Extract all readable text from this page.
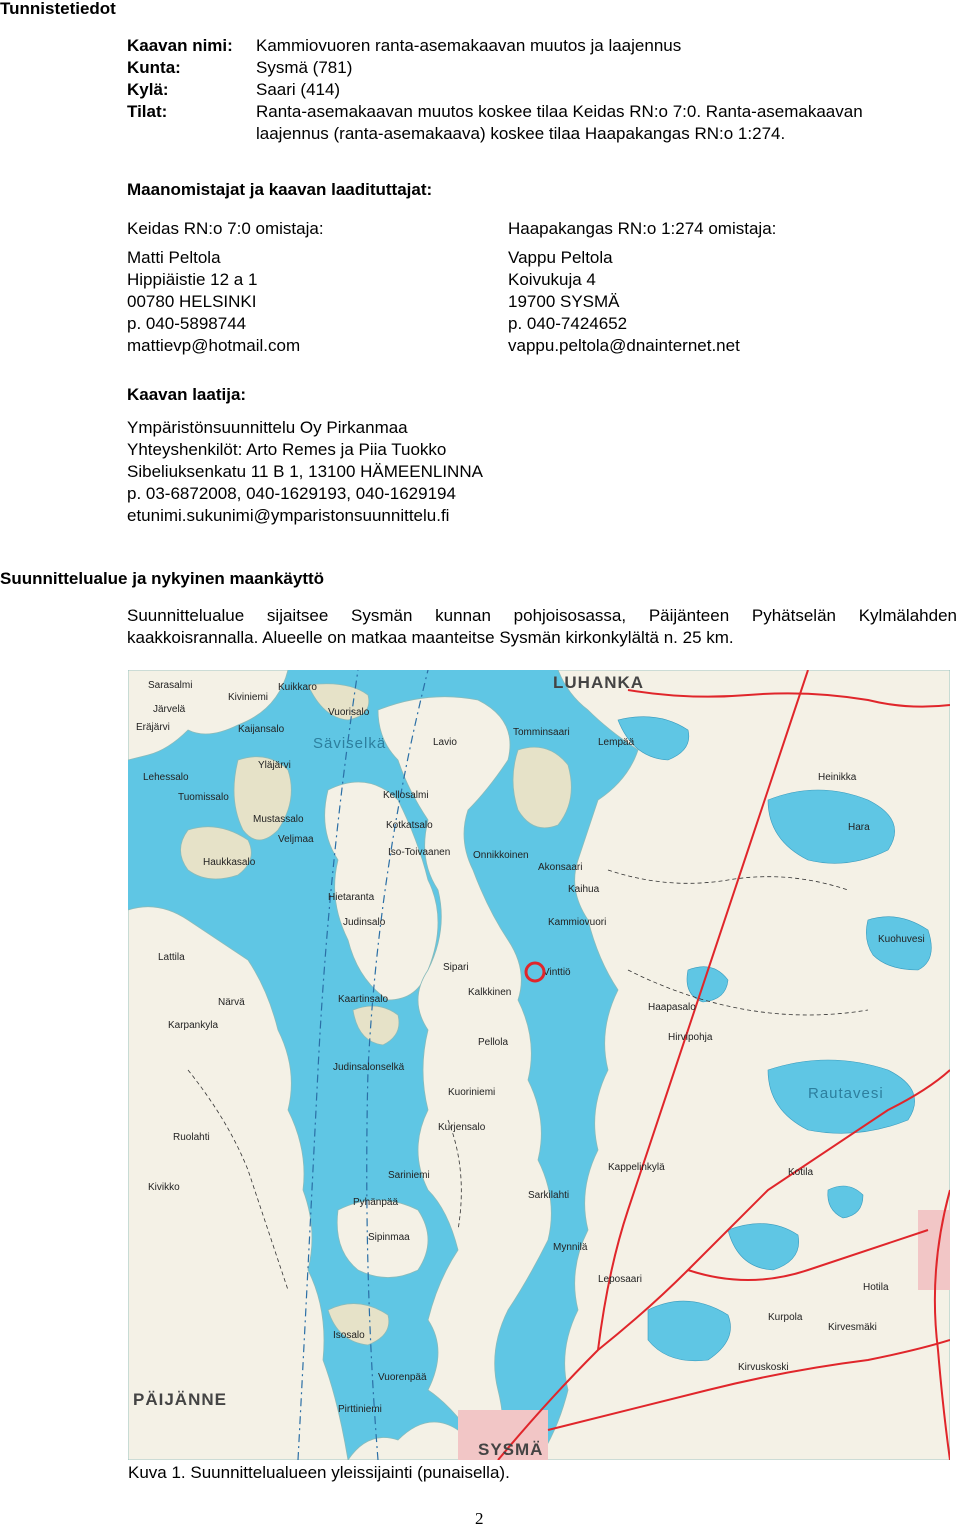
Tunnistetiedot
Kaavan nimi:	Kammiovuoren ranta-asemakaavan muutos ja laajennus
Kunta:	Sysmä (781)
Kylä:	Saari (414)
Tilat:	Ranta-asemakaavan muutos koskee tilaa Keidas RN:o 7:0. Ranta-asemakaavan
laajennus (ranta-asemakaava) koskee tilaa Haapakangas RN:o 1:274.
Maanomistajat ja kaavan laadituttajat:
Keidas RN:o 7:0 omistaja:
Matti Peltola
Hippiäistie 12 a 1
00780 HELSINKI
p. 040-5898744
mattievp@hotmail.com
Haapakangas RN:o 1:274 omistaja:
Vappu Peltola
Koivukuja 4
19700 SYSMÄ
p. 040-7424652
vappu.peltola@dnainternet.net
Kaavan laatija:
Ympäristönsuunnittelu Oy Pirkanmaa
Yhteyshenkilöt: Arto Remes ja Piia Tuokko
Sibeliuksenkatu 11 B 1, 13100 HÄMEENLINNA
p. 03-6872008, 040-1629193, 040-1629194
etunimi.sukunimi@ymparistonsuunnittelu.fi
Suunnittelualue ja nykyinen maankäyttö
Suunnittelualue sijaitsee Sysmän kunnan pohjoisosassa, Päijänteen Pyhätselän Kylmälahden
kaakkoisrannalla. Alueelle on matkaa maanteitse Sysmän kirkonkylältä n. 25 km.
LUHANKA
PÄIJÄNNE
SYSMÄ
Säviselkä
Sarasalmi
Järvelä
Kiviniemi
Eräjärvi	Kaijansalo
Lehessalo
Tuomissalo
Yläjärvi
Mustassalo
Veljmaa
Haukkasalo
Hietaranta
Judinsalo
Lattila
Närvä
Karpankyla
Kaartinsalo
Judinsalonselkä
Ruolahti
Kivikko
Pyhänpää
Isosalo
Tomminsaari
Kammiovuori
Kellosalmi
Kotkatsalo
Iso-Toivaanen Onnikkoinen
Akonsaari
Kaihua
Vinttiö
Kalkkinen
Sipari
Pellola
Kuoriniemi
Kurjensalo
Sariniemi
Sipinmaa
Sarkilahti
Kappelinkylä
Mynnilä
Leposaari
Haapasalo
Hirvipohja
Rautavesi
Lempää
Heinikka
Hara
Kuohuvesi
Kotila
Hotila
Kurpola
Vuorisalo
Lavio
Pirttiniemi
Vuorenpää
Kuikkaro
Kirvuskoski
Kirvesmäki
Kuva 1. Suunnittelualueen yleissijainti (punaisella).
2
